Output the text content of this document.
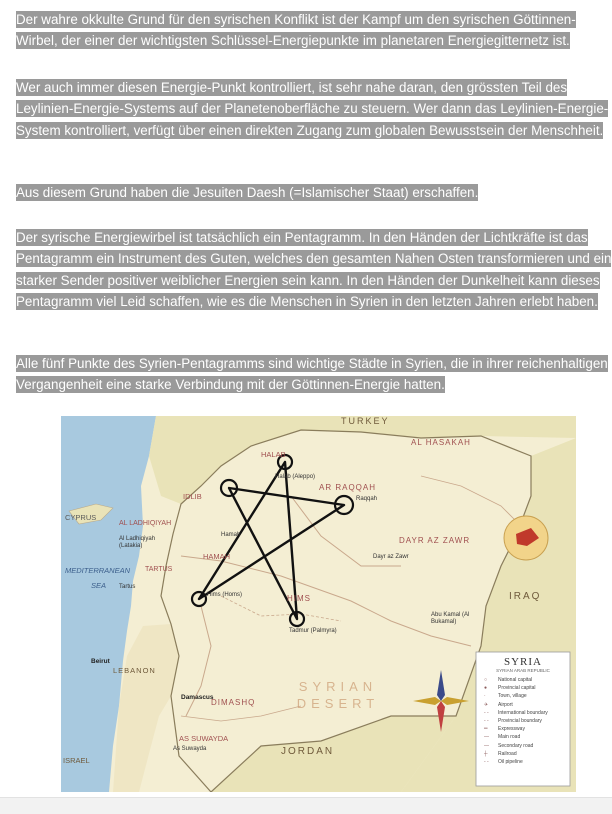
Der wahre okkulte Grund für den syrischen Konflikt ist der Kampf um den syrischen Göttinnen-Wirbel, der einer der wichtigsten Schlüssel-Energiepunkte im planetaren Energiegitternetz ist.

Wer auch immer diesen Energie-Punkt kontrolliert, ist sehr nahe daran, den grössten Teil des Leylinien-Energie-Systems auf der Planetenoberfläche zu steuern. Wer dann das Leylinien-Energie- System kontrolliert, verfügt über einen direkten Zugang zum globalen Bewusstsein der Menschheit.

Aus diesem Grund haben die Jesuiten Daesh (=Islamischer Staat) erschaffen.

Der syrische Energiewirbel ist tatsächlich ein Pentagramm. In den Händen der Lichtkräfte ist das Pentagramm ein Instrument des Guten, welches den gesamten Nahen Osten transformieren und ein starker Sender positiver weiblicher Energien sein kann. In den Händen der Dunkelheit kann dieses Pentagramm viel Leid schaffen, wie es die Menschen in Syrien in den letzten Jahren erlebt haben.

Alle fünf Punkte des Syrien-Pentagramms sind wichtige Städte in Syrien, die in ihrer reichenhaltigen Vergangenheit eine starke Verbindung mit der Göttinnen-Energie hatten.

TURKEY
CYPRUS
MEDITERRANEAN
SEA
AL HASAKAH
AR RAQQAH
DAYR AZ ZAWR
HIMS
HAMAH
IDLIB
HALAB
AL LADHIQIYAH
TARTUS
DIMASHQ
AS SUWAYDA
SYRIAN DESERT
LEBANON
JORDAN
IRAQ
ISRAEL
Halab (Aleppo)
Hims (Homs)
Tadmur (Palmyra)
Raqqah
Damascus
Al Ladhiqiyah (Latakia)
Tartus
Beirut
Dayr az Zawr
Abu Kamal (Al Bukamal)
Hamah
As Suwayda
SYRIA
SYRIAN ARAB REPUBLIC
○ National capital
● Provincial capital
· Town, village
✈ Airport
- - International boundary
- - Provincial boundary
═ Expressway
— Main road
— Secondary road
┼ Railroad
- - Oil pipeline
